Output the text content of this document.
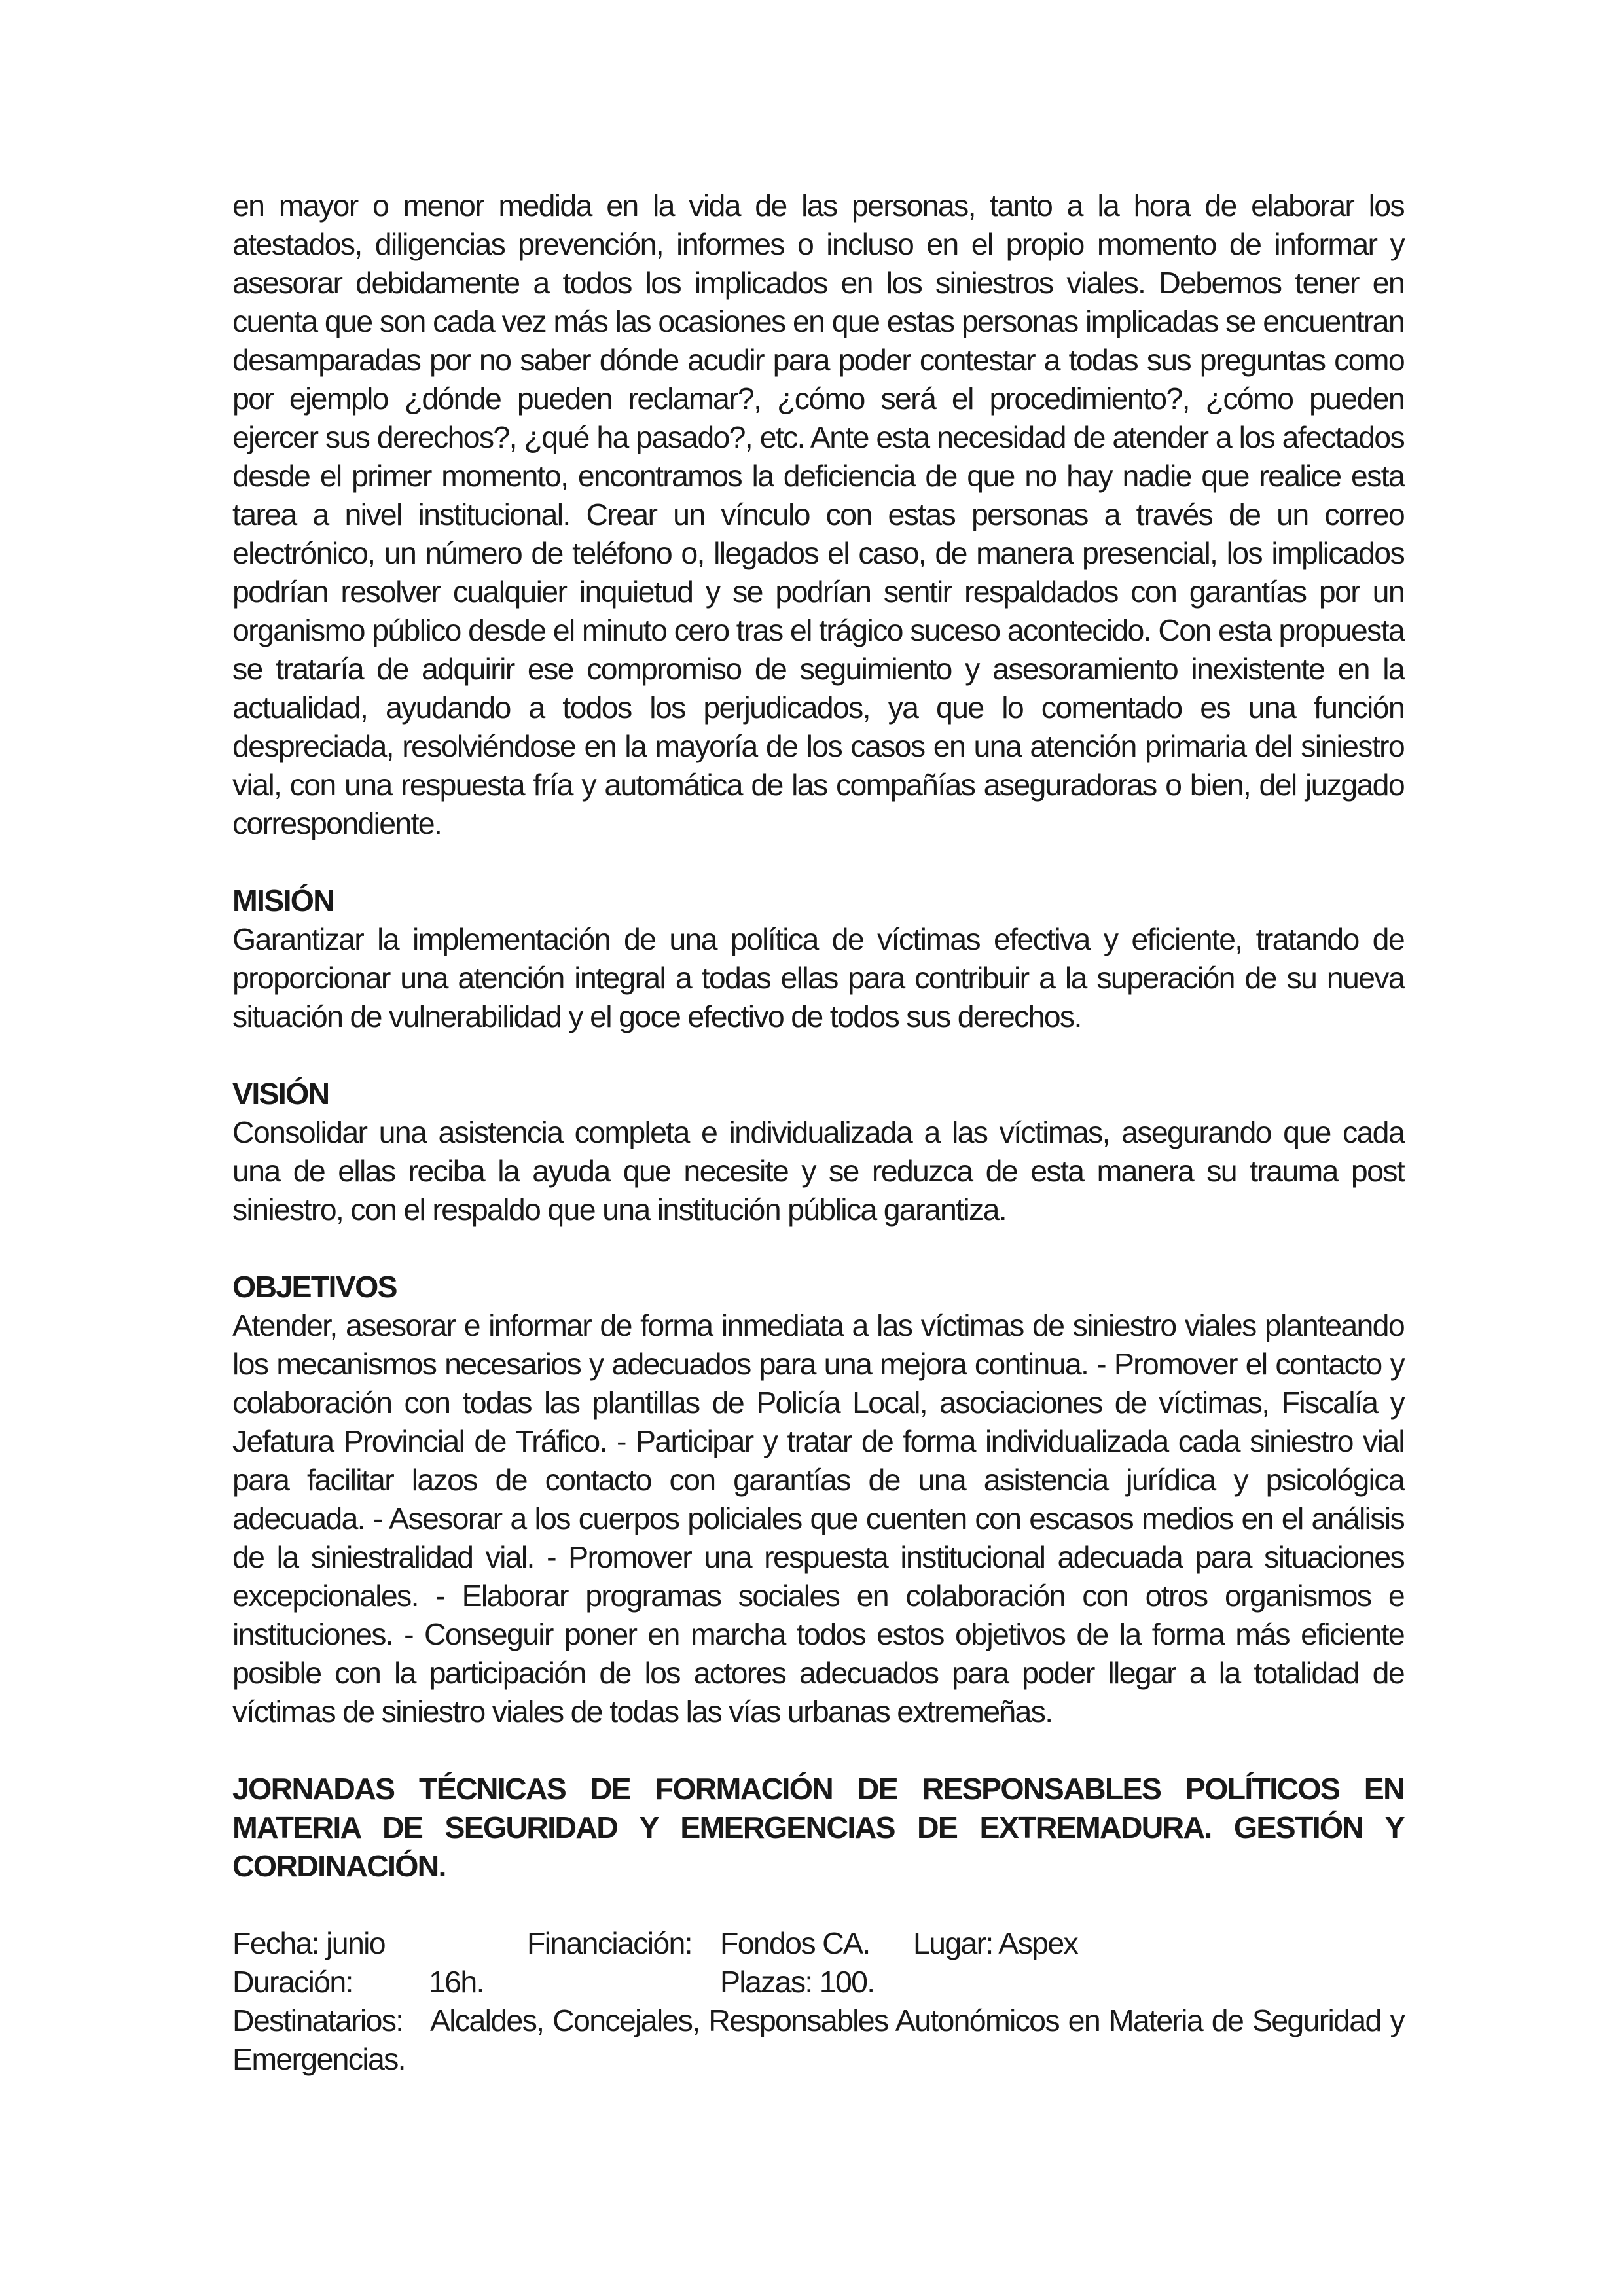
en mayor o menor medida en la vida de las personas, tanto a la hora de elaborar los atestados, diligencias prevención, informes o incluso en el propio momento de informar y asesorar debidamente a todos los implicados en los siniestros viales. Debemos tener en cuenta que son cada vez más las ocasiones en que estas personas implicadas se encuentran desamparadas por no saber dónde acudir para poder contestar a todas sus preguntas como por ejemplo ¿dónde pueden reclamar?, ¿cómo será el procedimiento?, ¿cómo pueden ejercer sus derechos?, ¿qué ha pasado?, etc. Ante esta necesidad de atender a los afectados desde el primer momento, encontramos la deficiencia de que no hay nadie que realice esta tarea a nivel institucional. Crear un vínculo con estas personas a través de un correo electrónico, un número de teléfono o, llegados el caso, de manera presencial, los implicados podrían resolver cualquier inquietud y se podrían sentir respaldados con garantías por un organismo público desde el minuto cero tras el trágico suceso acontecido. Con esta propuesta se trataría de adquirir ese compromiso de seguimiento y asesoramiento inexistente en la actualidad, ayudando a todos los perjudicados, ya que lo comentado es una función despreciada, resolviéndose en la mayoría de los casos en una atención primaria del siniestro vial, con una respuesta fría y automática de las compañías aseguradoras o bien, del juzgado correspondiente.

MISIÓN

Garantizar la implementación de una política de víctimas efectiva y eficiente, tratando de proporcionar una atención integral a todas ellas para contribuir a la superación de su nueva situación de vulnerabilidad y el goce efectivo de todos sus derechos.

VISIÓN

Consolidar una asistencia completa e individualizada a las víctimas, asegurando que cada una de ellas reciba la ayuda que necesite y se reduzca de esta manera su trauma post siniestro, con el respaldo que una institución pública garantiza.

OBJETIVOS

Atender, asesorar e informar de forma inmediata a las víctimas de siniestro viales planteando los mecanismos necesarios y adecuados para una mejora continua. - Promover el contacto y colaboración con todas las plantillas de Policía Local, asociaciones de víctimas, Fiscalía y Jefatura Provincial de Tráfico. - Participar y tratar de forma individualizada cada siniestro vial para facilitar lazos de contacto con garantías de una asistencia jurídica y psicológica adecuada. - Asesorar a los cuerpos policiales que cuenten con escasos medios en el análisis de la siniestralidad vial. - Promover una respuesta institucional adecuada para situaciones excepcionales. - Elaborar programas sociales en colaboración con otros organismos e instituciones. - Conseguir poner en marcha todos estos objetivos de la forma más eficiente posible con la participación de los actores adecuados para poder llegar a la totalidad de víctimas de siniestro viales de todas las vías urbanas extremeñas.

JORNADAS TÉCNICAS DE FORMACIÓN DE RESPONSABLES POLÍTICOS EN MATERIA DE SEGURIDAD Y EMERGENCIAS DE EXTREMADURA. GESTIÓN Y CORDINACIÓN.

Fecha: junio	Financiación: Fondos CA. Lugar: Aspex
Duración:	16h.	Plazas: 100.

Destinatarios: Alcaldes, Concejales, Responsables Autonómicos en Materia de Seguridad y Emergencias.
